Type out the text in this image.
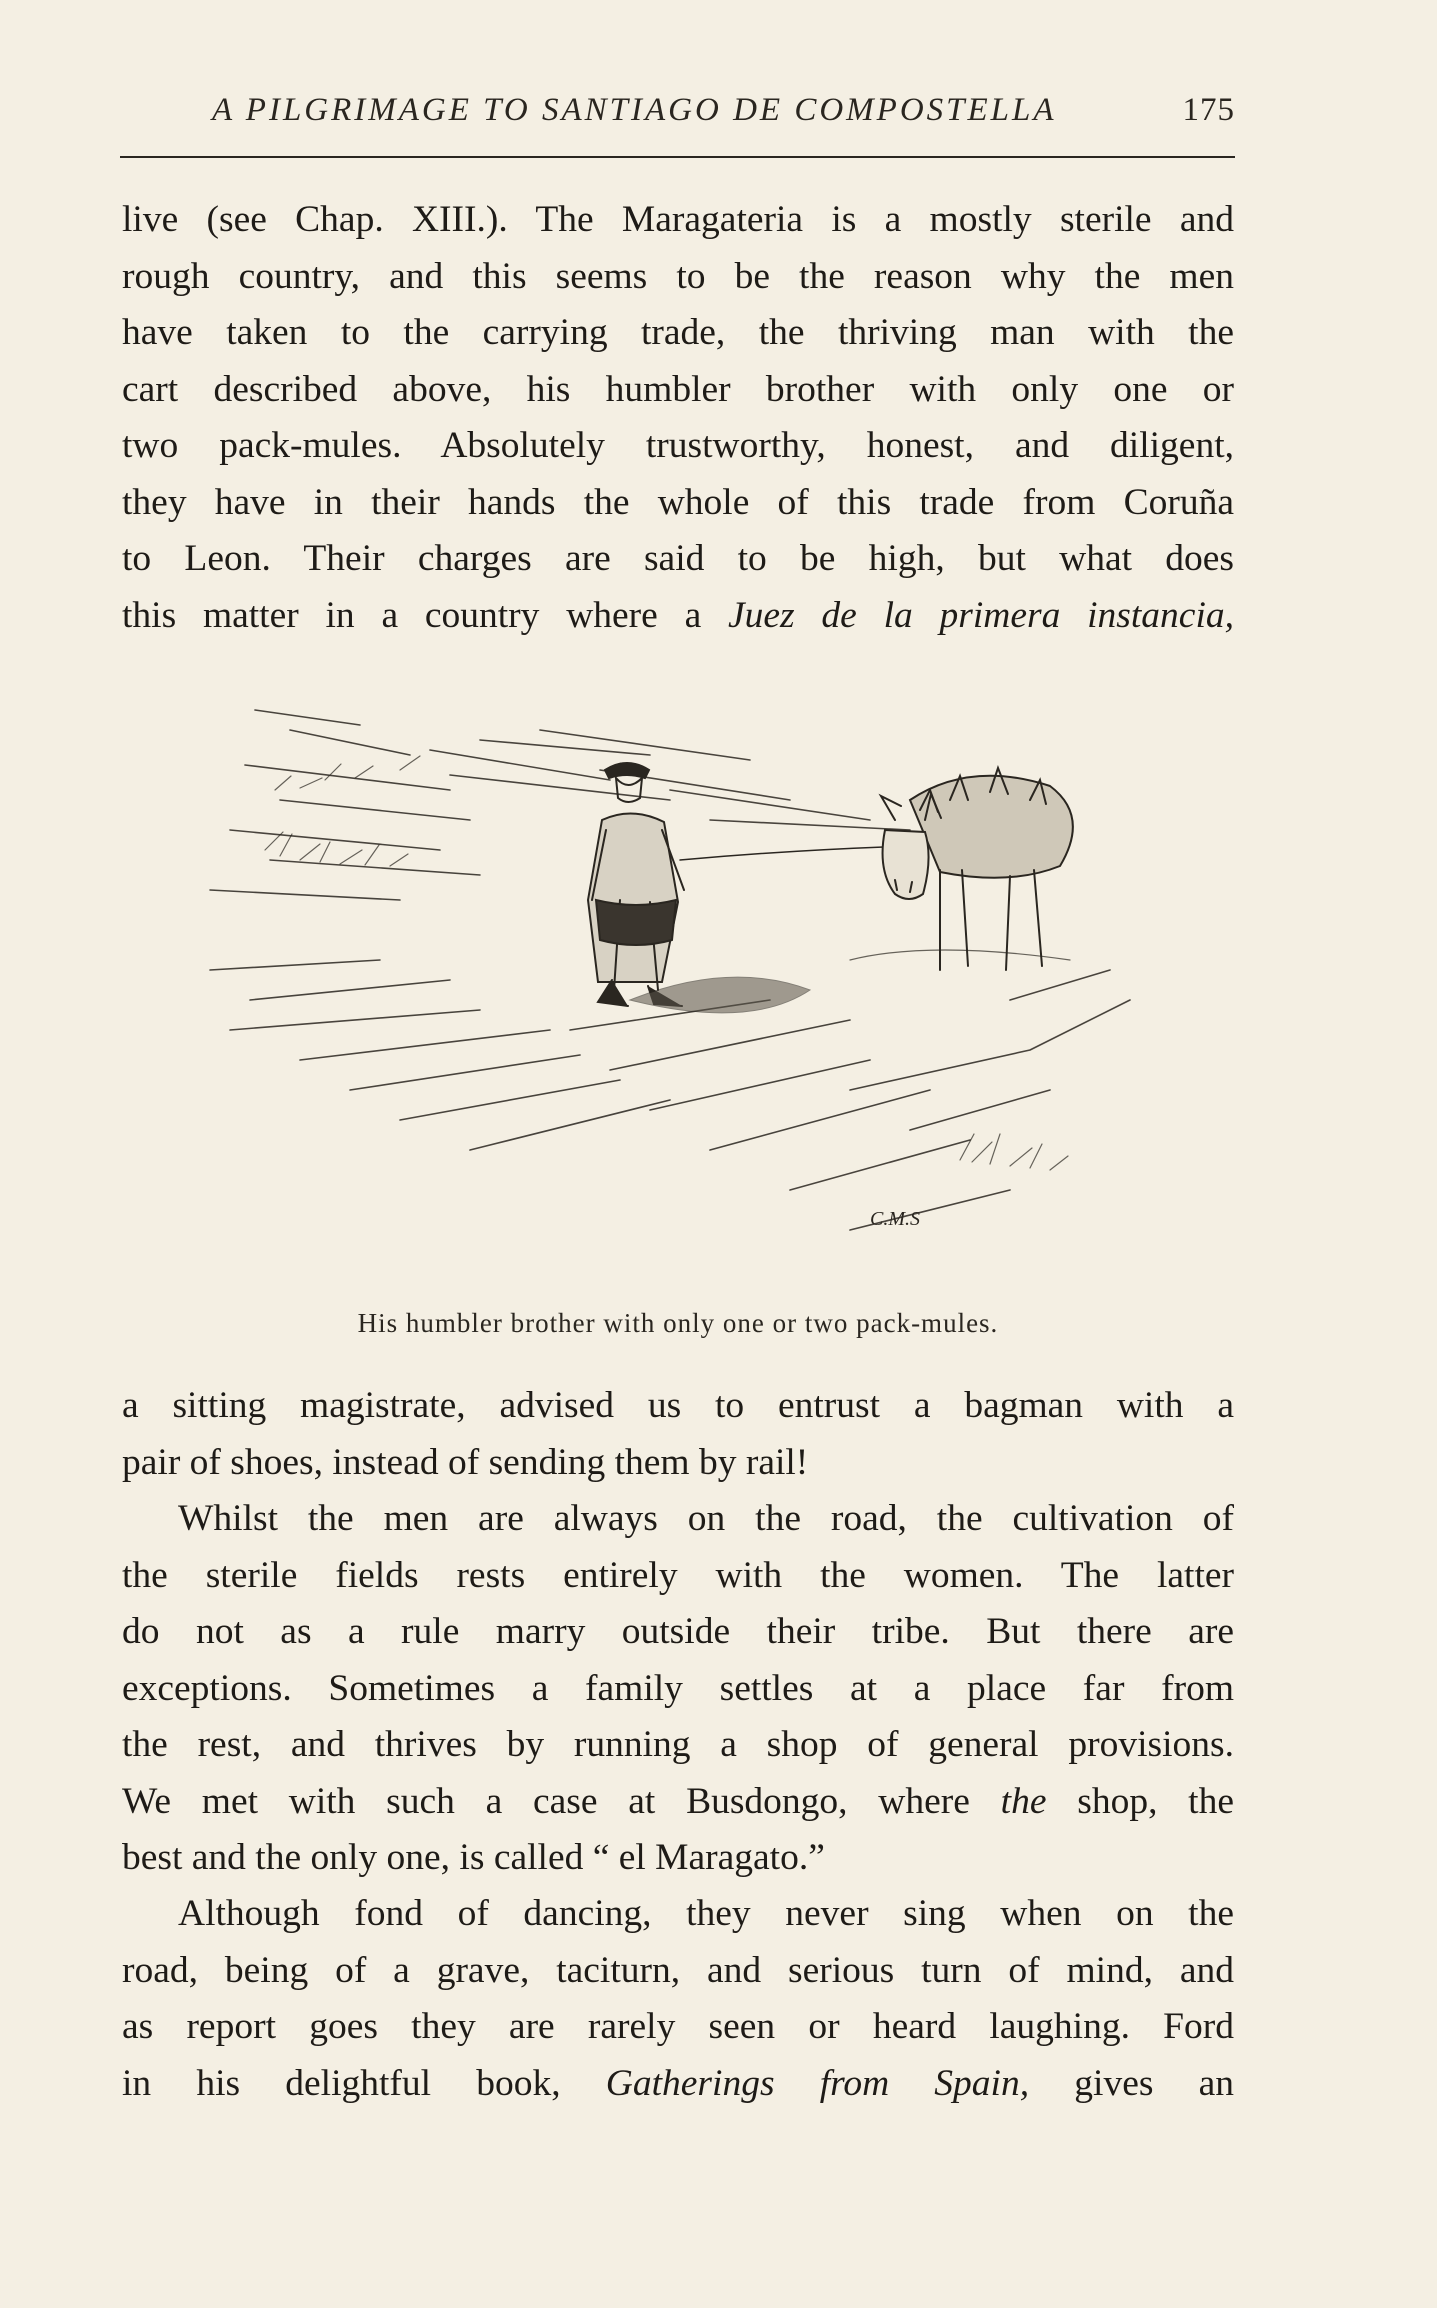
A PILGRIMAGE TO SANTIAGO DE COMPOSTELLA	175
live (see Chap. XIII.). The Maragateria is a mostly sterile and
rough country, and this seems to be the reason why the men
have taken to the carrying trade, the thriving man with the
cart described above, his humbler brother with only one or
two pack-mules. Absolutely trustworthy, honest, and diligent,
they have in their hands the whole of this trade from Coruña
to Leon. Their charges are said to be high, but what does
this matter in a country where a Juez de la primera instancia,
C.M.S
His humbler brother with only one or two pack-mules.
a sitting magistrate, advised us to entrust a bagman with a
pair of shoes, instead of sending them by rail!
Whilst the men are always on the road, the cultivation of
the sterile fields rests entirely with the women. The latter
do not as a rule marry outside their tribe. But there are
exceptions. Sometimes a family settles at a place far from
the rest, and thrives by running a shop of general provisions.
We met with such a case at Busdongo, where the shop, the
best and the only one, is called “ el Maragato.”
Although fond of dancing, they never sing when on the
road, being of a grave, taciturn, and serious turn of mind, and
as report goes they are rarely seen or heard laughing. Ford
in his delightful book, Gatherings from Spain, gives an
